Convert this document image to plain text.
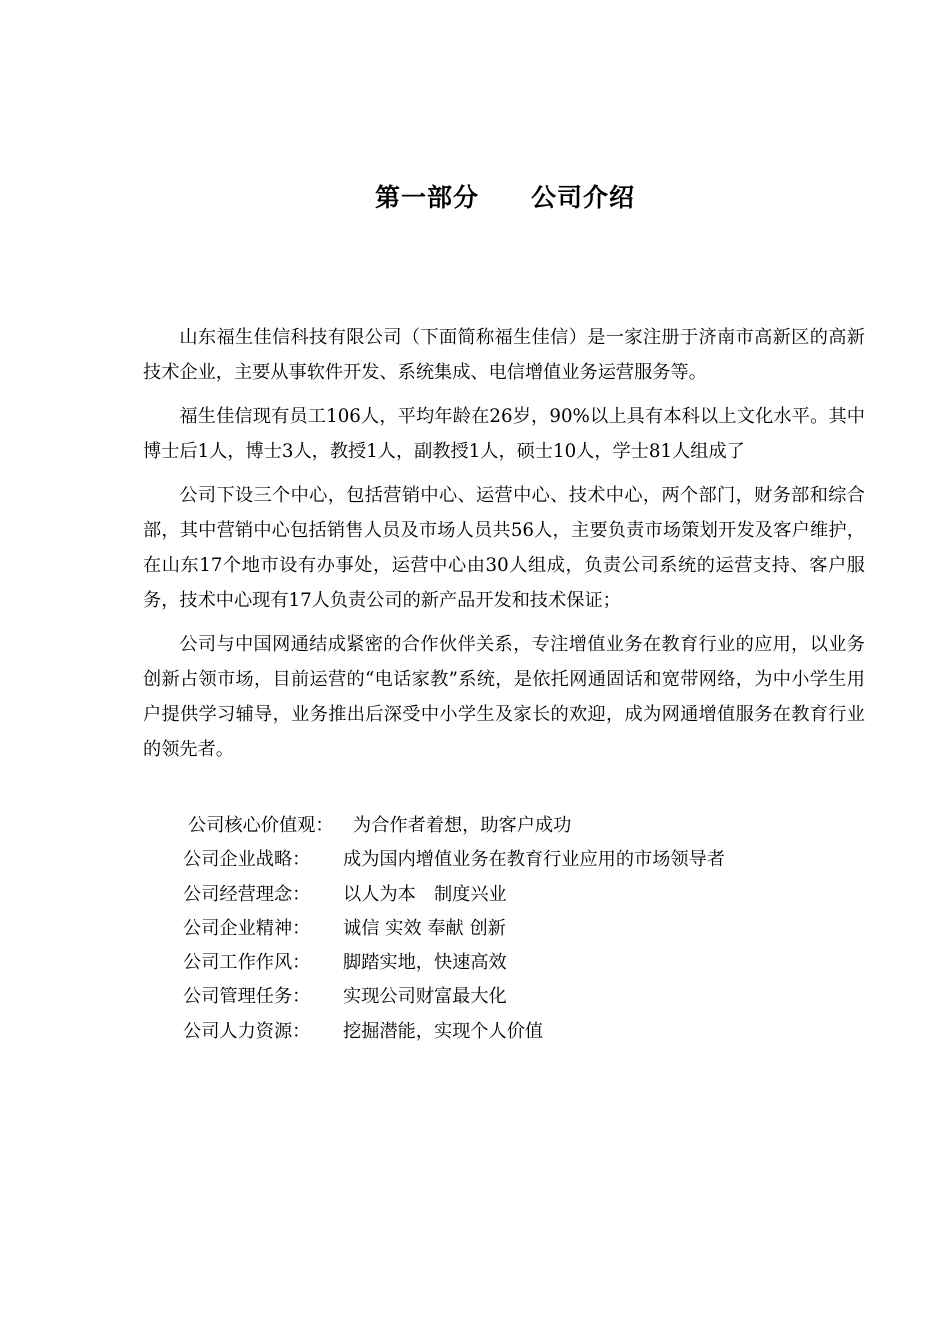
第一部分 公司介绍

山东福生佳信科技有限公司（下面简称福生佳信）是一家注册于济南市高新区的高新技术企业，主要从事软件开发、系统集成、电信增值业务运营服务等。

福生佳信现有员工106人，平均年龄在26岁，90%以上具有本科以上文化水平。其中博士后1人，博士3人，教授1人，副教授1人，硕士10人，学士81人组成了

公司下设三个中心，包括营销中心、运营中心、技术中心，两个部门，财务部和综合部，其中营销中心包括销售人员及市场人员共56人，主要负责市场策划开发及客户维护，在山东17个地市设有办事处，运营中心由30人组成，负责公司系统的运营支持、客户服务，技术中心现有17人负责公司的新产品开发和技术保证；

公司与中国网通结成紧密的合作伙伴关系，专注增值业务在教育行业的应用，以业务创新占领市场，目前运营的“电话家教”系统，是依托网通固话和宽带网络，为中小学生用户提供学习辅导，业务推出后深受中小学生及家长的欢迎，成为网通增值服务在教育行业的领先者。

公司核心价值观：	为合作者着想，助客户成功
公司企业战略：	成为国内增值业务在教育行业应用的市场领导者
公司经营理念：	以人为本　制度兴业
公司企业精神：	诚信 实效 奉献 创新
公司工作作风：	脚踏实地，快速高效
公司管理任务：	实现公司财富最大化
公司人力资源：	挖掘潜能，实现个人价值
